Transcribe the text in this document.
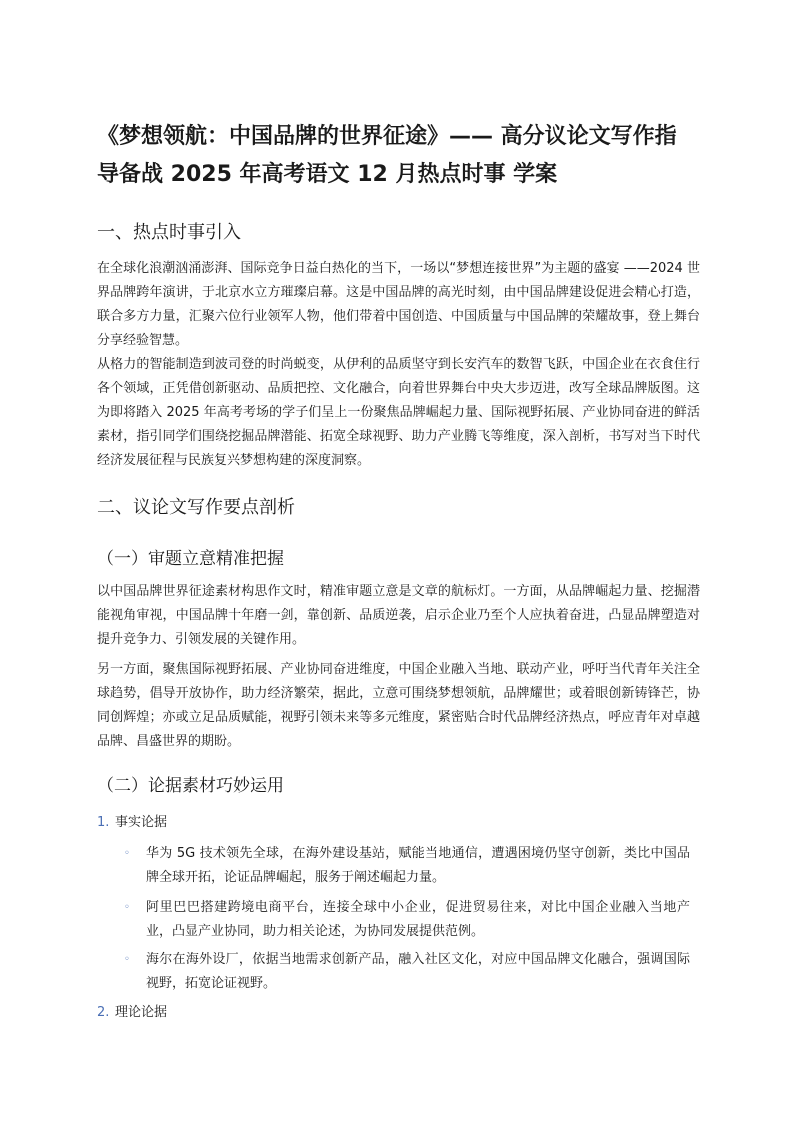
《梦想领航：中国品牌的世界征途》—— 高分议论文写作指导备战 2025 年高考语文 12 月热点时事 学案
一、热点时事引入

在全球化浪潮汹涌澎湃、国际竞争日益白热化的当下，一场以“梦想连接世界”为主题的盛宴 ——2024 世界品牌跨年演讲，于北京水立方璀璨启幕。这是中国品牌的高光时刻，由中国品牌建设促进会精心打造，联合多方力量，汇聚六位行业领军人物，他们带着中国创造、中国质量与中国品牌的荣耀故事，登上舞台分享经验智慧。

从格力的智能制造到波司登的时尚蜕变，从伊利的品质坚守到长安汽车的数智飞跃，中国企业在衣食住行各个领域，正凭借创新驱动、品质把控、文化融合，向着世界舞台中央大步迈进，改写全球品牌版图。这为即将踏入 2025 年高考考场的学子们呈上一份聚焦品牌崛起力量、国际视野拓展、产业协同奋进的鲜活素材，指引同学们围绕挖掘品牌潜能、拓宽全球视野、助力产业腾飞等维度，深入剖析，书写对当下时代经济发展征程与民族复兴梦想构建的深度洞察。

二、议论文写作要点剖析
（一）审题立意精准把握

以中国品牌世界征途素材构思作文时，精准审题立意是文章的航标灯。一方面，从品牌崛起力量、挖掘潜能视角审视，中国品牌十年磨一剑，靠创新、品质逆袭，启示企业乃至个人应执着奋进，凸显品牌塑造对提升竞争力、引领发展的关键作用。

另一方面，聚焦国际视野拓展、产业协同奋进维度，中国企业融入当地、联动产业，呼吁当代青年关注全球趋势，倡导开放协作，助力经济繁荣，据此，立意可围绕梦想领航，品牌耀世；或着眼创新铸锋芒，协同创辉煌；亦或立足品质赋能，视野引领未来等多元维度，紧密贴合时代品牌经济热点，呼应青年对卓越品牌、昌盛世界的期盼。

（二）论据素材巧妙运用
1. 事实论据
◦ 华为 5G 技术领先全球，在海外建设基站，赋能当地通信，遭遇困境仍坚守创新，类比中国品牌全球开拓，论证品牌崛起，服务于阐述崛起力量。
◦ 阿里巴巴搭建跨境电商平台，连接全球中小企业，促进贸易往来，对比中国企业融入当地产业，凸显产业协同，助力相关论述，为协同发展提供范例。
◦ 海尔在海外设厂，依据当地需求创新产品，融入社区文化，对应中国品牌文化融合，强调国际视野，拓宽论证视野。
2. 理论论据
